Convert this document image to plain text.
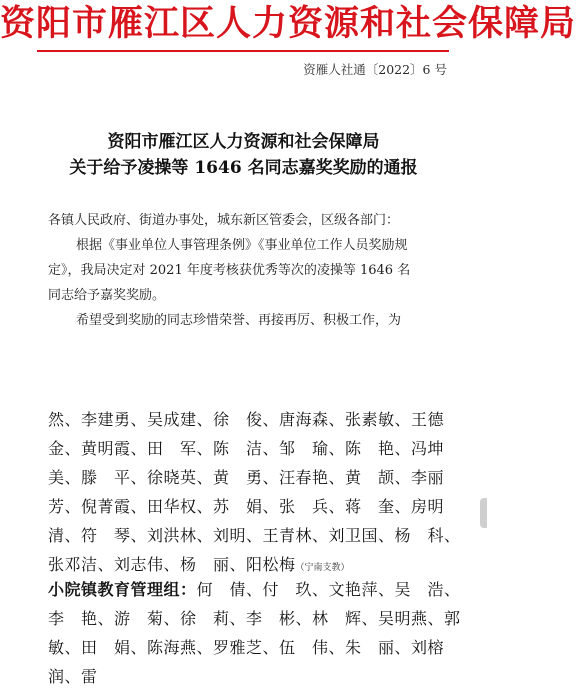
资阳市雁江区人力资源和社会保障局
资雁人社通〔2022〕6 号
资阳市雁江区人力资源和社会保障局
关于给予凌操等 1646 名同志嘉奖奖励的通报
各镇人民政府、街道办事处，城东新区管委会，区级各部门：
根据《事业单位人事管理条例》《事业单位工作人员奖励规定》，我局决定对 2021 年度考核获优秀等次的凌操等 1646 名同志给予嘉奖奖励。
希望受到奖励的同志珍惜荣誉、再接再厉、积极工作，为
然、李建勇、吴成建、徐　俊、唐海森、张素敏、王德金、黄明霞、田　军、陈　洁、邹　瑜、陈　艳、冯坤美、滕　平、徐晓英、黄　勇、汪春艳、黄　颉、李丽芳、倪菁霞、田华权、苏　娟、张　兵、蒋　奎、房明清、符　琴、刘洪林、刘明、王青林、刘卫国、杨　科、张邓洁、刘志伟、杨　丽、阳松梅（宁南支教）
小院镇教育管理组：何　倩、付　玖、文艳萍、吴　浩、李　艳、游　菊、徐　莉、李　彬、林　辉、吴明燕、郭敏、田　娟、陈海燕、罗雅芝、伍　伟、朱　丽、刘榕润、雷
